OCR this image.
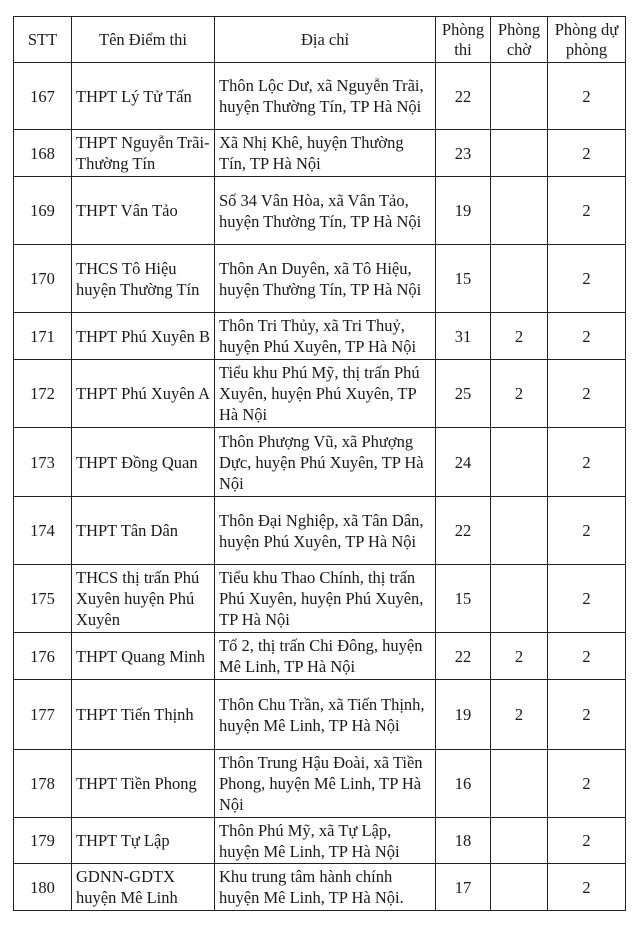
STT	Tên Điểm thi	Địa chỉ	Phòng thi	Phòng chờ	Phòng dự phòng
167	THPT Lý Tử Tấn	Thôn Lộc Dư, xã Nguyễn Trãi, huyện Thường Tín, TP Hà Nội	22		2
168	THPT Nguyễn Trãi-Thường Tín	Xã Nhị Khê, huyện Thường Tín, TP Hà Nội	23		2
169	THPT Vân Tảo	Số 34 Vân Hòa, xã Vân Tảo, huyện Thường Tín, TP Hà Nội	19		2
170	THCS Tô Hiệu huyện Thường Tín	Thôn An Duyên, xã Tô Hiệu, huyện Thường Tín, TP Hà Nội	15		2
171	THPT Phú Xuyên B	Thôn Tri Thủy, xã Tri Thuỷ, huyện Phú Xuyên, TP Hà Nội	31	2	2
172	THPT Phú Xuyên A	Tiểu khu Phú Mỹ, thị trấn Phú Xuyên, huyện Phú Xuyên, TP Hà Nội	25	2	2
173	THPT Đồng Quan	Thôn Phượng Vũ, xã Phượng Dực, huyện Phú Xuyên, TP Hà Nội	24		2
174	THPT Tân Dân	Thôn Đại Nghiệp, xã Tân Dân, huyện Phú Xuyên, TP Hà Nội	22		2
175	THCS thị trấn Phú Xuyên huyện Phú Xuyên	Tiểu khu Thao Chính, thị trấn Phú Xuyên, huyện Phú Xuyên, TP Hà Nội	15		2
176	THPT Quang Minh	Tổ 2, thị trấn Chi Đông, huyện Mê Linh, TP Hà Nội	22	2	2
177	THPT Tiến Thịnh	Thôn Chu Trần, xã Tiến Thịnh, huyện Mê Linh, TP Hà Nội	19	2	2
178	THPT Tiền Phong	Thôn Trung Hậu Đoài, xã Tiền Phong, huyện Mê Linh, TP Hà Nội	16		2
179	THPT Tự Lập	Thôn Phú Mỹ, xã Tự Lập, huyện Mê Linh, TP Hà Nội	18		2
180	GDNN-GDTX huyện Mê Linh	Khu trung tâm hành chính huyện Mê Linh, TP Hà Nội.	17		2
